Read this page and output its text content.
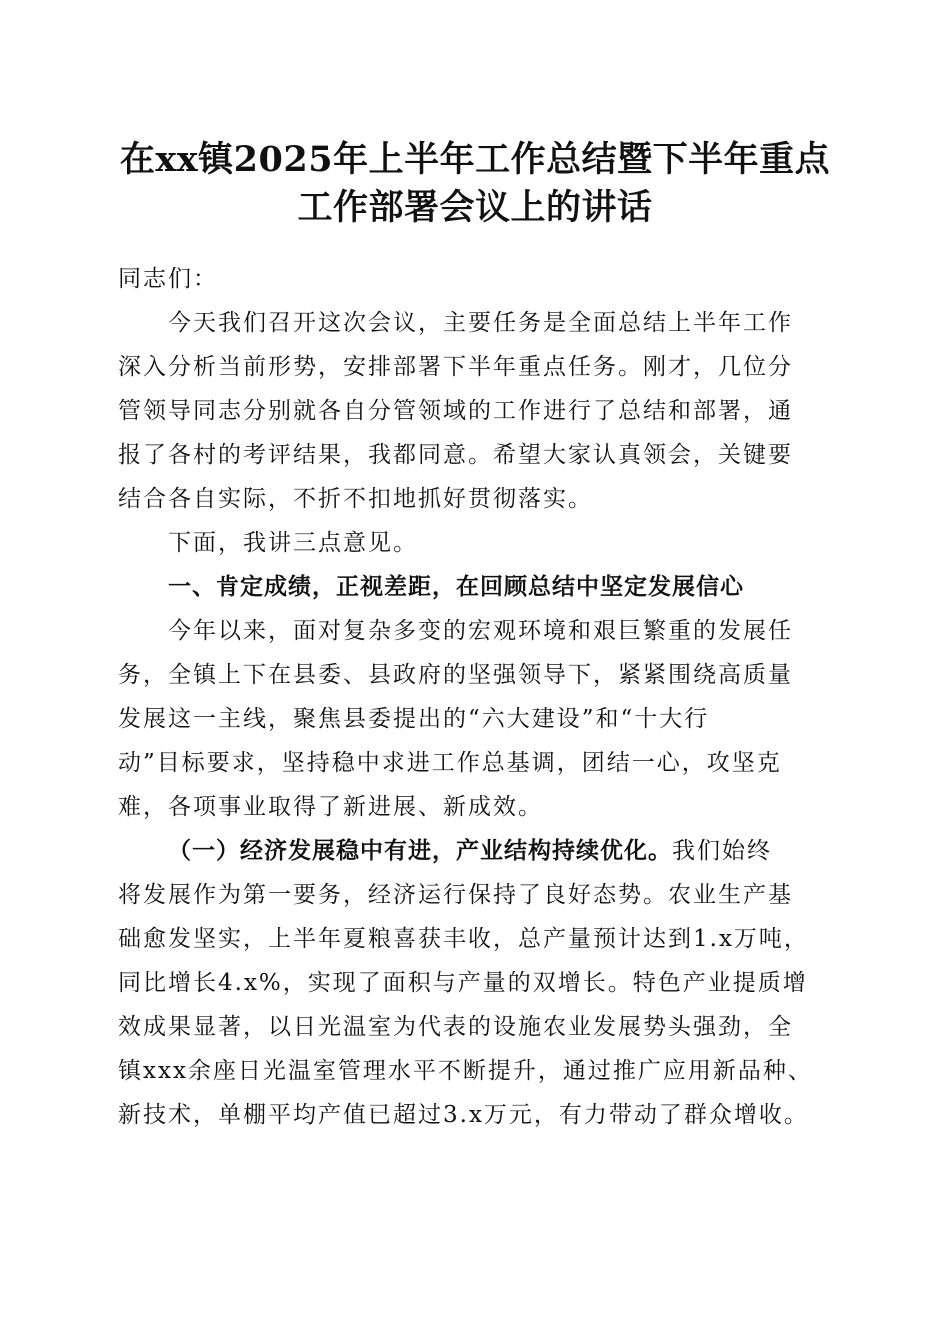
在xx镇2025年上半年工作总结暨下半年重点
工作部署会议上的讲话
同志们：
今天我们召开这次会议，主要任务是全面总结上半年工作
深入分析当前形势，安排部署下半年重点任务。刚才，几位分
管领导同志分别就各自分管领域的工作进行了总结和部署，通
报了各村的考评结果，我都同意。希望大家认真领会，关键要
结合各自实际，不折不扣地抓好贯彻落实。
下面，我讲三点意见。
一、肯定成绩，正视差距，在回顾总结中坚定发展信心
今年以来，面对复杂多变的宏观环境和艰巨繁重的发展任
务，全镇上下在县委、县政府的坚强领导下，紧紧围绕高质量
发展这一主线，聚焦县委提出的“六大建设”和“十大行
动”目标要求，坚持稳中求进工作总基调，团结一心，攻坚克
难，各项事业取得了新进展、新成效。
（一）经济发展稳中有进，产业结构持续优化。我们始终
将发展作为第一要务，经济运行保持了良好态势。农业生产基
础愈发坚实，上半年夏粮喜获丰收，总产量预计达到1.x万吨，
同比增长4.x%，实现了面积与产量的双增长。特色产业提质增
效成果显著，以日光温室为代表的设施农业发展势头强劲，全
镇xxx余座日光温室管理水平不断提升，通过推广应用新品种、
新技术，单棚平均产值已超过3.x万元，有力带动了群众增收。
